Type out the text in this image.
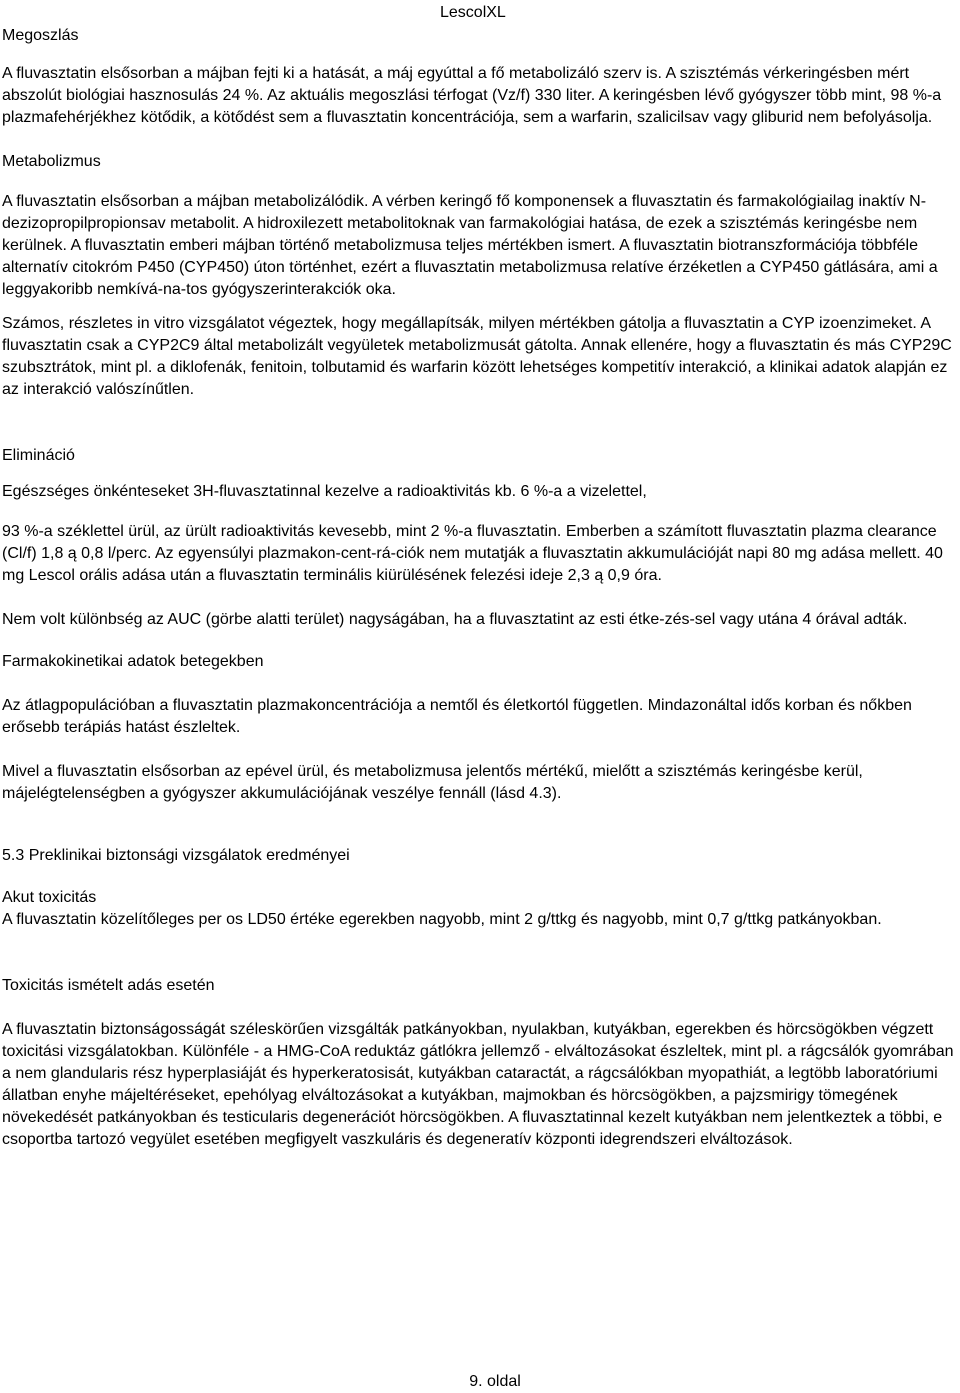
LescolXL
Megoszlás

A fluvasztatin elsősorban a májban fejti ki a hatását, a máj egyúttal a fő metabolizáló szerv is. A szisztémás vérkeringésben mért abszolút biológiai hasznosulás 24 %. Az aktuális megoszlási térfogat (Vz/f) 330 liter. A keringésben lévő gyógyszer több mint, 98 %-a plazmafehérjékhez kötődik, a kötődést sem a fluvasztatin koncentrációja, sem a warfarin, szalicilsav vagy gliburid nem befolyásolja.

Metabolizmus

A fluvasztatin elsősorban a májban metabolizálódik. A vérben keringő fő komponensek a fluvasztatin és farmakológiailag inaktív N-dezizopropilpropionsav metabolit. A hidroxilezett metabolitoknak van farmakológiai hatása, de ezek a szisztémás keringésbe nem kerülnek. A fluvasztatin emberi májban történő metabolizmusa teljes mértékben ismert. A fluvasztatin biotranszformációja többféle alternatív citokróm P450 (CYP450) úton történhet, ezért a fluvasztatin metabolizmusa relatíve érzéketlen a CYP450 gátlására, ami a leggyakoribb nemkívá-na-tos gyógyszerinterakciók oka.

Számos, részletes in vitro vizsgálatot végeztek, hogy megállapítsák, milyen mértékben gátolja a fluvasztatin a CYP izoenzimeket. A fluvasztatin csak a CYP2C9 által metabolizált vegyületek metabolizmusát gátolta. Annak ellenére, hogy a fluvasztatin és más CYP29C szubsztrátok, mint pl. a diklofenák, fenitoin, tolbutamid és warfarin között lehetséges kompetitív interakció, a klinikai adatok alapján ez az interakció valószínűtlen.

Elimináció

Egészséges önkénteseket 3H-fluvasztatinnal kezelve a radioaktivitás kb. 6 %-a a vizelettel,

93 %-a széklettel ürül, az ürült radioaktivitás kevesebb, mint 2 %-a fluvasztatin. Emberben a számított fluvasztatin plazma clearance (Cl/f) 1,8 ą 0,8 l/perc. Az egyensúlyi plazmakon-cent-rá-ciók nem mutatják a fluvasztatin akkumulációját napi 80 mg adása mellett. 40 mg Lescol orális adása után a fluvasztatin terminális kiürülésének felezési ideje 2,3 ą 0,9 óra.

Nem volt különbség az AUC (görbe alatti terület) nagyságában, ha a fluvasztatint az esti étke-zés-sel vagy utána 4 órával adták.

Farmakokinetikai adatok betegekben

Az átlagpopulációban a fluvasztatin plazmakoncentrációja a nemtől és életkortól független. Mindazonáltal idős korban és nőkben erősebb terápiás hatást észleltek.

Mivel a fluvasztatin elsősorban az epével ürül, és metabolizmusa jelentős mértékű, mielőtt a szisztémás keringésbe kerül, májelégtelenségben a gyógyszer akkumulációjának veszélye fennáll (lásd 4.3).

5.3 Preklinikai biztonsági vizsgálatok eredményei
Akut toxicitás

A fluvasztatin közelítőleges per os LD50 értéke egerekben nagyobb, mint 2 g/ttkg és nagyobb, mint 0,7 g/ttkg patkányokban.

Toxicitás ismételt adás esetén

A fluvasztatin biztonságosságát széleskörűen vizsgálták patkányokban, nyulakban, kutyákban, egerekben és hörcsögökben végzett toxicitási vizsgálatokban. Különféle - a HMG-CoA reduktáz gátlókra jellemző - elváltozásokat észleltek, mint pl. a rágcsálók gyomrában a nem glandularis rész hyperplasiáját és hyperkeratosisát, kutyákban cataractát, a rágcsálókban myopathiát, a legtöbb laboratóriumi állatban enyhe májeltéréseket, epehólyag elváltozásokat a kutyákban, majmokban és hörcsögökben, a pajzsmirigy tömegének növekedését patkányokban és testicularis degenerációt hörcsögökben. A fluvasztatinnal kezelt kutyákban nem jelentkeztek a többi, e csoportba tartozó vegyület esetében megfigyelt vaszkuláris és degeneratív központi idegrendszeri elváltozások.

9. oldal
